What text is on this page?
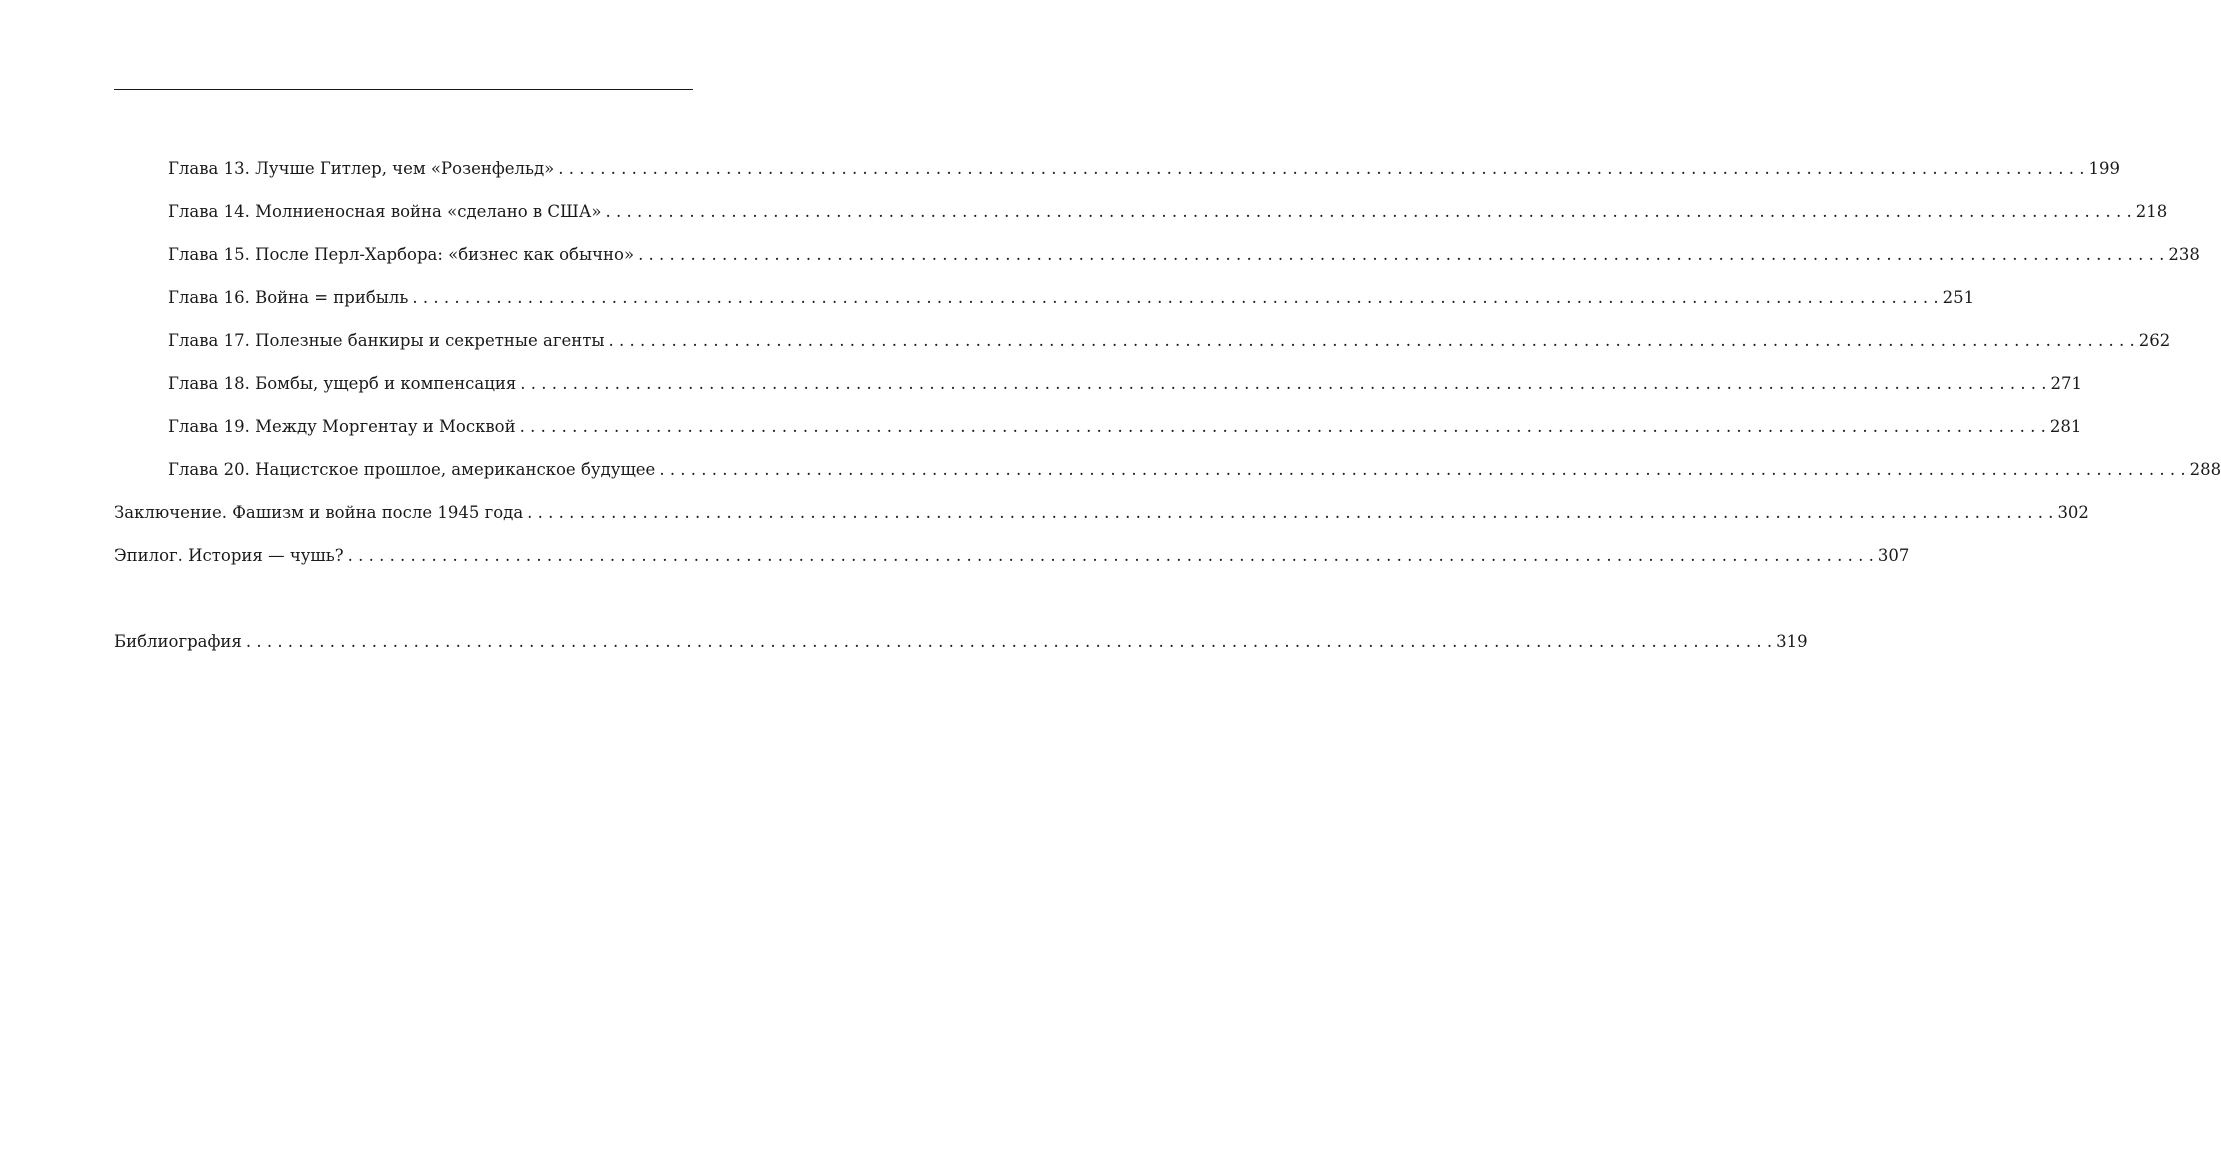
Глава 13. Лучше Гитлер, чем «Розенфельд» . . .	199
Глава 14. Молниеносная война «сделано в США» . . .	218
Глава 15. После Перл-Харбора: «бизнес как обычно» . . .	238
Глава 16. Война = прибыль . . .	251
Глава 17. Полезные банкиры и секретные агенты . . .	262
Глава 18. Бомбы, ущерб и компенсация . . .	271
Глава 19. Между Моргентау и Москвой . . .	281
Глава 20. Нацистское прошлое, американское будущее . . .	288
Заключение. Фашизм и война после 1945 года . . .	302
Эпилог. История — чушь? . . .	307
Библиография . . .	319
